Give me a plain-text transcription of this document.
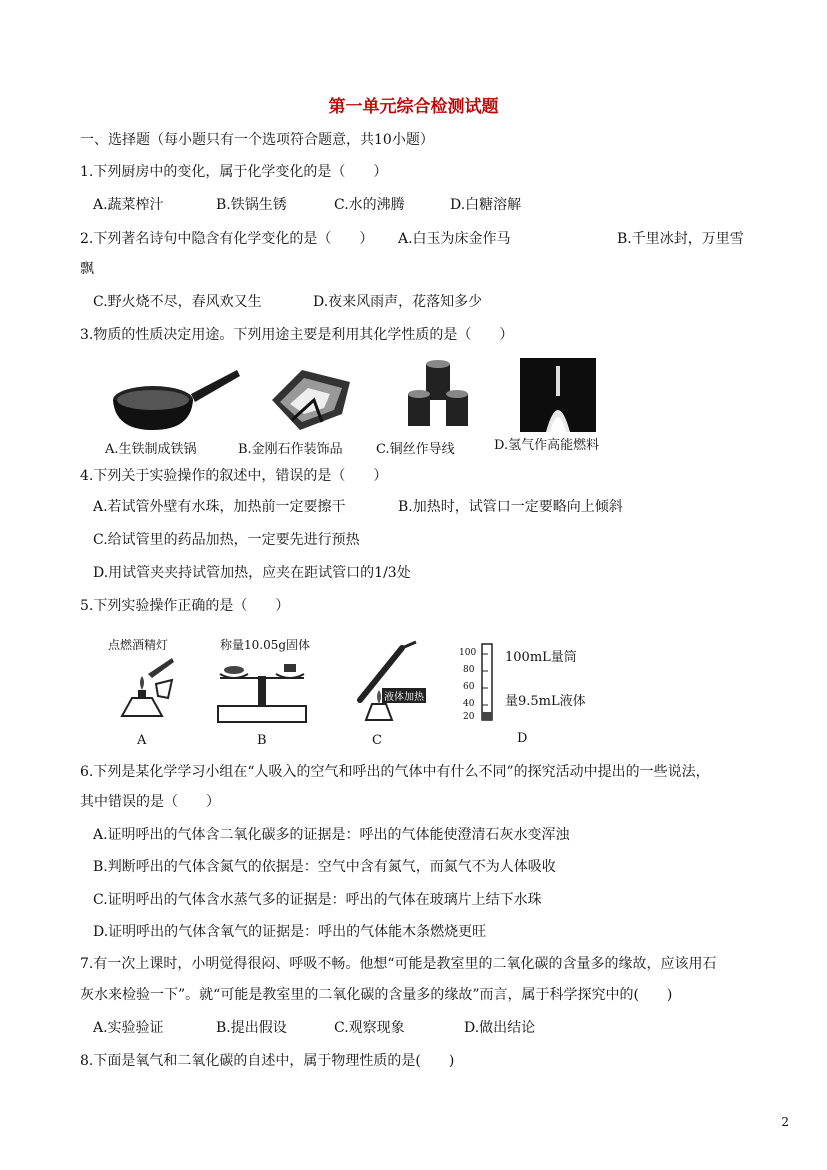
第一单元综合检测试题
一、选择题（每小题只有一个选项符合题意，共10小题）
1.下列厨房中的变化，属于化学变化的是（　　）
A.蔬菜榨汁	B.铁锅生锈	C.水的沸腾	D.白糖溶解
2.下列著名诗句中隐含有化学变化的是（　　） A.白玉为床金作马	B.千里冰封，万里雪
飘
C.野火烧不尽，春风欢又生	D.夜来风雨声，花落知多少
3.物质的性质决定用途。下列用途主要是利用其化学性质的是（　　）
A.生铁制成铁锅	B.金刚石作装饰品	C.铜丝作导线	D.氢气作高能燃料
4.下列关于实验操作的叙述中，错误的是（　　）
A.若试管外壁有水珠，加热前一定要擦干	B.加热时，试管口一定要略向上倾斜
C.给试管里的药品加热，一定要先进行预热
D.用试管夹夹持试管加热，应夹在距试管口的1/3处
5.下列实验操作正确的是（　　）
点燃酒精灯	称量10.05g固体
液体加热
100
80
60
40
20
100mL量筒
量9.5mL液体
A	B	C	D
6.下列是某化学学习小组在“人吸入的空气和呼出的气体中有什么不同”的探究活动中提出的一些说法，
其中错误的是（　　）
A.证明呼出的气体含二氧化碳多的证据是：呼出的气体能使澄清石灰水变浑浊
B.判断呼出的气体含氮气的依据是：空气中含有氮气，而氮气不为人体吸收
C.证明呼出的气体含水蒸气多的证据是：呼出的气体在玻璃片上结下水珠
D.证明呼出的气体含氧气的证据是：呼出的气体能木条燃烧更旺
7.有一次上课时，小明觉得很闷、呼吸不畅。他想“可能是教室里的二氧化碳的含量多的缘故，应该用石
灰水来检验一下”。就“可能是教室里的二氧化碳的含量多的缘故”而言，属于科学探究中的(　　)
A.实验验证	B.提出假设	C.观察现象	D.做出结论
8.下面是氧气和二氧化碳的自述中，属于物理性质的是(　　)
2
